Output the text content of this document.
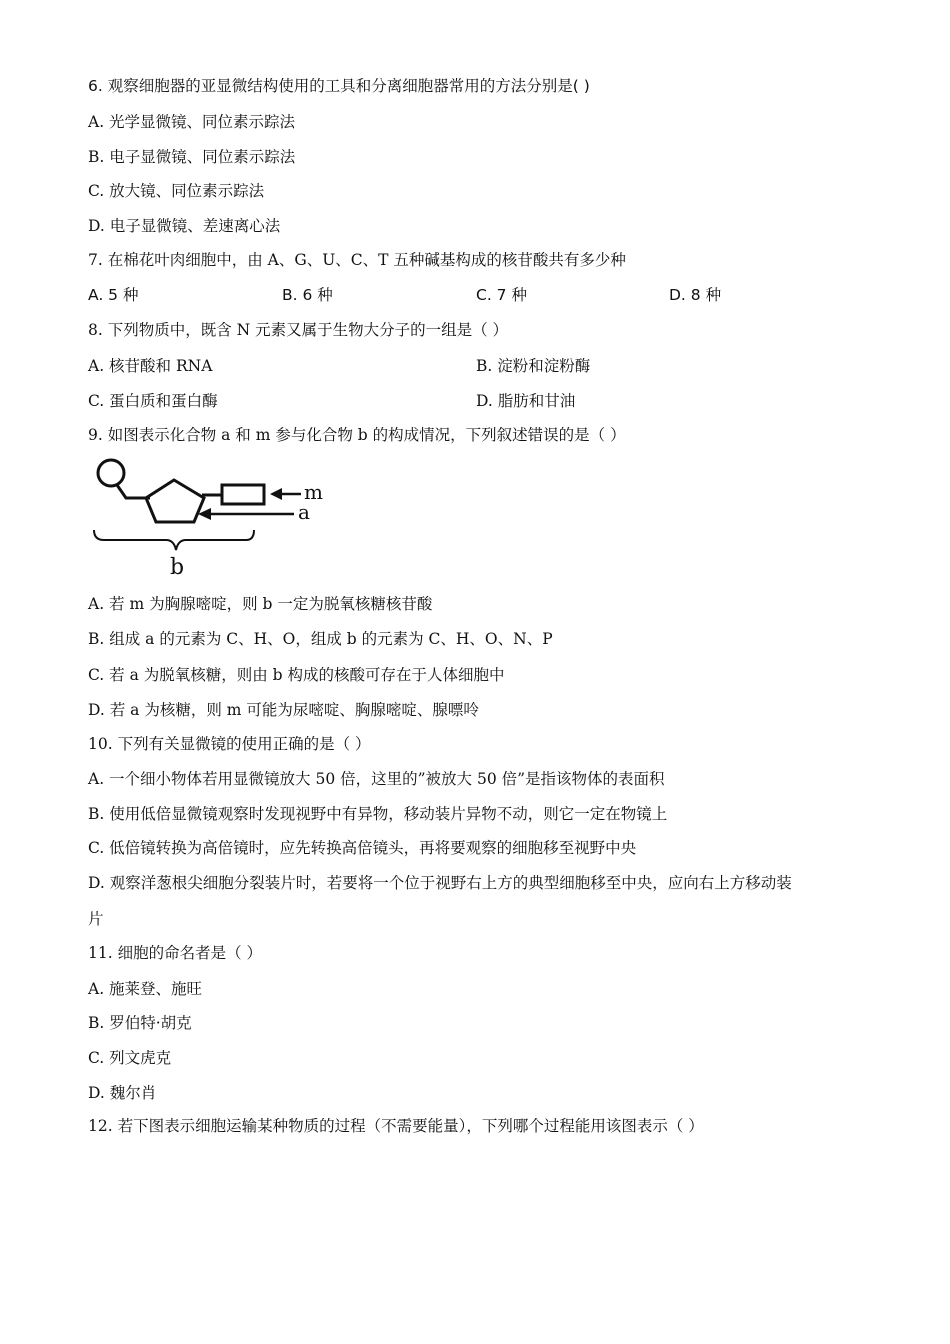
6. 观察细胞器的亚显微结构使用的工具和分离细胞器常用的方法分别是( )
A. 光学显微镜、同位素示踪法
B. 电子显微镜、同位素示踪法
C. 放大镜、同位素示踪法
D. 电子显微镜、差速离心法
7. 在棉花叶肉细胞中，由 A、G、U、C、T 五种碱基构成的核苷酸共有多少种
A. 5 种	B. 6 种	C. 7 种	D. 8 种
8. 下列物质中，既含 N 元素又属于生物大分子的一组是（ ）
A. 核苷酸和 RNA	B. 淀粉和淀粉酶
C. 蛋白质和蛋白酶	D. 脂肪和甘油
9. 如图表示化合物 a 和 m 参与化合物 b 的构成情况，下列叙述错误的是（ ）
m
a
b
A. 若 m 为胸腺嘧啶，则 b 一定为脱氧核糖核苷酸
B. 组成 a 的元素为 C、H、O，组成 b 的元素为 C、H、O、N、P
C. 若 a 为脱氧核糖，则由 b 构成的核酸可存在于人体细胞中
D. 若 a 为核糖，则 m 可能为尿嘧啶、胸腺嘧啶、腺嘌呤
10. 下列有关显微镜的使用正确的是（ ）
A. 一个细小物体若用显微镜放大 50 倍，这里的”被放大 50 倍”是指该物体的表面积
B. 使用低倍显微镜观察时发现视野中有异物，移动装片异物不动，则它一定在物镜上
C. 低倍镜转换为高倍镜时，应先转换高倍镜头，再将要观察的细胞移至视野中央
D. 观察洋葱根尖细胞分裂装片时，若要将一个位于视野右上方的典型细胞移至中央，应向右上方移动装
片
11. 细胞的命名者是（ ）
A. 施莱登、施旺
B. 罗伯特·胡克
C. 列文虎克
D. 魏尔肖
12. 若下图表示细胞运输某种物质的过程（不需要能量），下列哪个过程能用该图表示（ ）
